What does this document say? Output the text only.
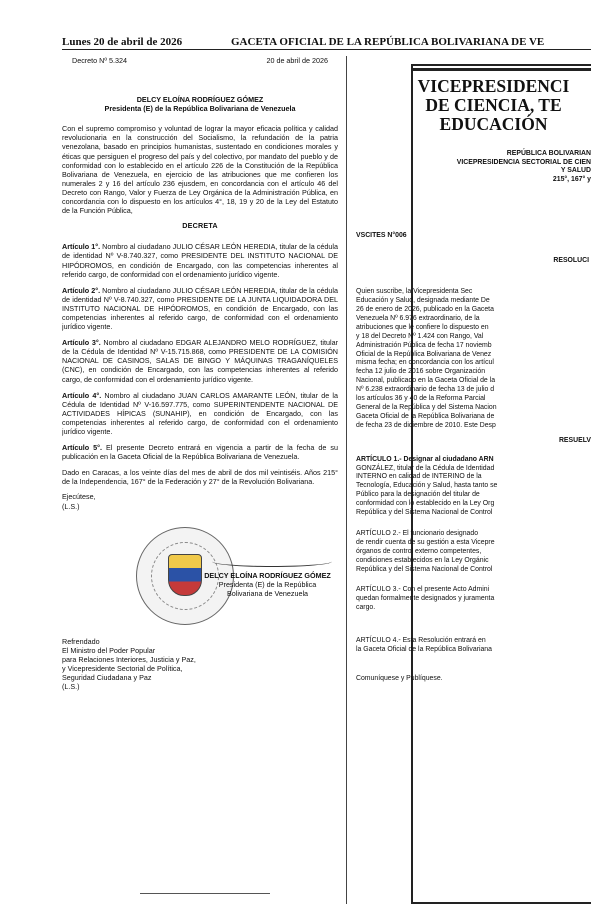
Lunes 20 de abril de 2026	GACETA OFICIAL DE LA REPÚBLICA BOLIVARIANA DE VE
Decreto Nº 5.324	20 de abril de 2026
DELCY ELOÍNA RODRÍGUEZ GÓMEZ
Presidenta (E) de la República Bolivariana de Venezuela

Con el supremo compromiso y voluntad de lograr la mayor eficacia política y calidad revolucionaria en la construcción del Socialismo, la refundación de la patria venezolana, basado en principios humanistas, sustentado en condiciones morales y éticas que persiguen el progreso del país y del colectivo, por mandato del pueblo y de conformidad con lo establecido en el artículo 226 de la Constitución de la República Bolivariana de Venezuela, en ejercicio de las atribuciones que me confieren los numerales 2 y 16 del artículo 236 ejusdem, en concordancia con el artículo 46 del Decreto con Rango, Valor y Fuerza de Ley Orgánica de la Administración Pública, en concordancia con lo dispuesto en los artículos 4°, 18, 19 y 20 de la Ley del Estatuto de la Función Pública,

DECRETA
Artículo 1°. Nombro al ciudadano JULIO CÉSAR LEÓN HEREDIA, titular de la cédula de identidad Nº V-8.740.327, como PRESIDENTE DEL INSTITUTO NACIONAL DE HIPÓDROMOS, en condición de Encargado, con las competencias inherentes al referido cargo, de conformidad con el ordenamiento jurídico vigente.
Artículo 2°. Nombro al ciudadano JULIO CÉSAR LEÓN HEREDIA, titular de la cédula de identidad Nº V-8.740.327, como PRESIDENTE DE LA JUNTA LIQUIDADORA DEL INSTITUTO NACIONAL DE HIPÓDROMOS, en condición de Encargado, con las competencias inherentes al referido cargo, de conformidad con el ordenamiento jurídico vigente.
Artículo 3°. Nombro al ciudadano EDGAR ALEJANDRO MELO RODRÍGUEZ, titular de la Cédula de Identidad Nº V-15.715.868, como PRESIDENTE DE LA COMISIÓN NACIONAL DE CASINOS, SALAS DE BINGO Y MÁQUINAS TRAGANÍQUELES (CNC), en condición de Encargado, con las competencias inherentes al referido cargo, de conformidad con el ordenamiento jurídico vigente.
Artículo 4°. Nombro al ciudadano JUAN CARLOS AMARANTE LEÓN, titular de la Cédula de Identidad Nº V-16.597.775, como SUPERINTENDENTE NACIONAL DE ACTIVIDADES HÍPICAS (SUNAHIP), en condición de Encargado, con las competencias inherentes al referido cargo, de conformidad con el ordenamiento jurídico vigente.
Artículo 5°. El presente Decreto entrará en vigencia a partir de la fecha de su publicación en la Gaceta Oficial de la República Bolivariana de Venezuela.

Dado en Caracas, a los veinte días del mes de abril de dos mil veintiséis. Años 215° de la Independencia, 167° de la Federación y 27° de la Revolución Bolivariana.

Ejecútese,
(L.S.)
DELCY ELOÍNA RODRÍGUEZ GÓMEZ
Presidenta (E) de la República
Bolivariana de Venezuela
Refrendado
El Ministro del Poder Popular
para Relaciones Interiores, Justicia y Paz,
y Vicepresidente Sectorial de Política,
Seguridad Ciudadana y Paz
(L.S.)
VICEPRESIDENCI
DE CIENCIA, TE
EDUCACIÓN
REPÚBLICA BOLIVARIAN
VICEPRESIDENCIA SECTORIAL DE CIEN
Y SALUD
215°, 167° y
VSCITES N°006
RESOLUCI
Quien suscribe, la Vicepresidenta Sec
Educación y Salud, designada mediante De
26 de enero de 2026, publicado en la Gaceta
Venezuela Nº 6.976 extraordinario, de la
atribuciones que le confiere lo dispuesto en
y 18 del Decreto Nº 1.424 con Rango, Val
Administración Pública de fecha 17 noviemb
Oficial de la República Bolivariana de Venez
misma fecha; en concordancia con los artícul
fecha 12 julio de 2016 sobre Organización
Nacional, publicado en la Gaceta Oficial de la
Nº 6.238 extraordinario de fecha 13 de julio d
los artículos 36 y 40 de la Reforma Parcial
General de la República y del Sistema Nacion
Gaceta Oficial de la República Bolivariana de
de fecha 23 de diciembre de 2010. Este Desp
RESUELV
ARTÍCULO 1.- Designar al ciudadano ARN
GONZÁLEZ, titular de la Cédula de Identidad
INTERNO en calidad de INTERINO de la
Tecnología, Educación y Salud, hasta tanto se
Público para la designación del titular de
conformidad con lo establecido en la Ley Org
República y del Sistema Nacional de Control
ARTÍCULO 2.- El funcionario designado
de rendir cuenta de su gestión a esta Vicepre
órganos de control externo competentes,
condiciones establecidos en la Ley Orgánic
República y del Sistema Nacional de Control
ARTÍCULO 3.- Con el presente Acto Admini
quedan formalmente designados y juramenta
cargo.
ARTÍCULO 4.- Esta Resolución entrará en
la Gaceta Oficial de la República Bolivariana
Comuníquese y Publíquese.
